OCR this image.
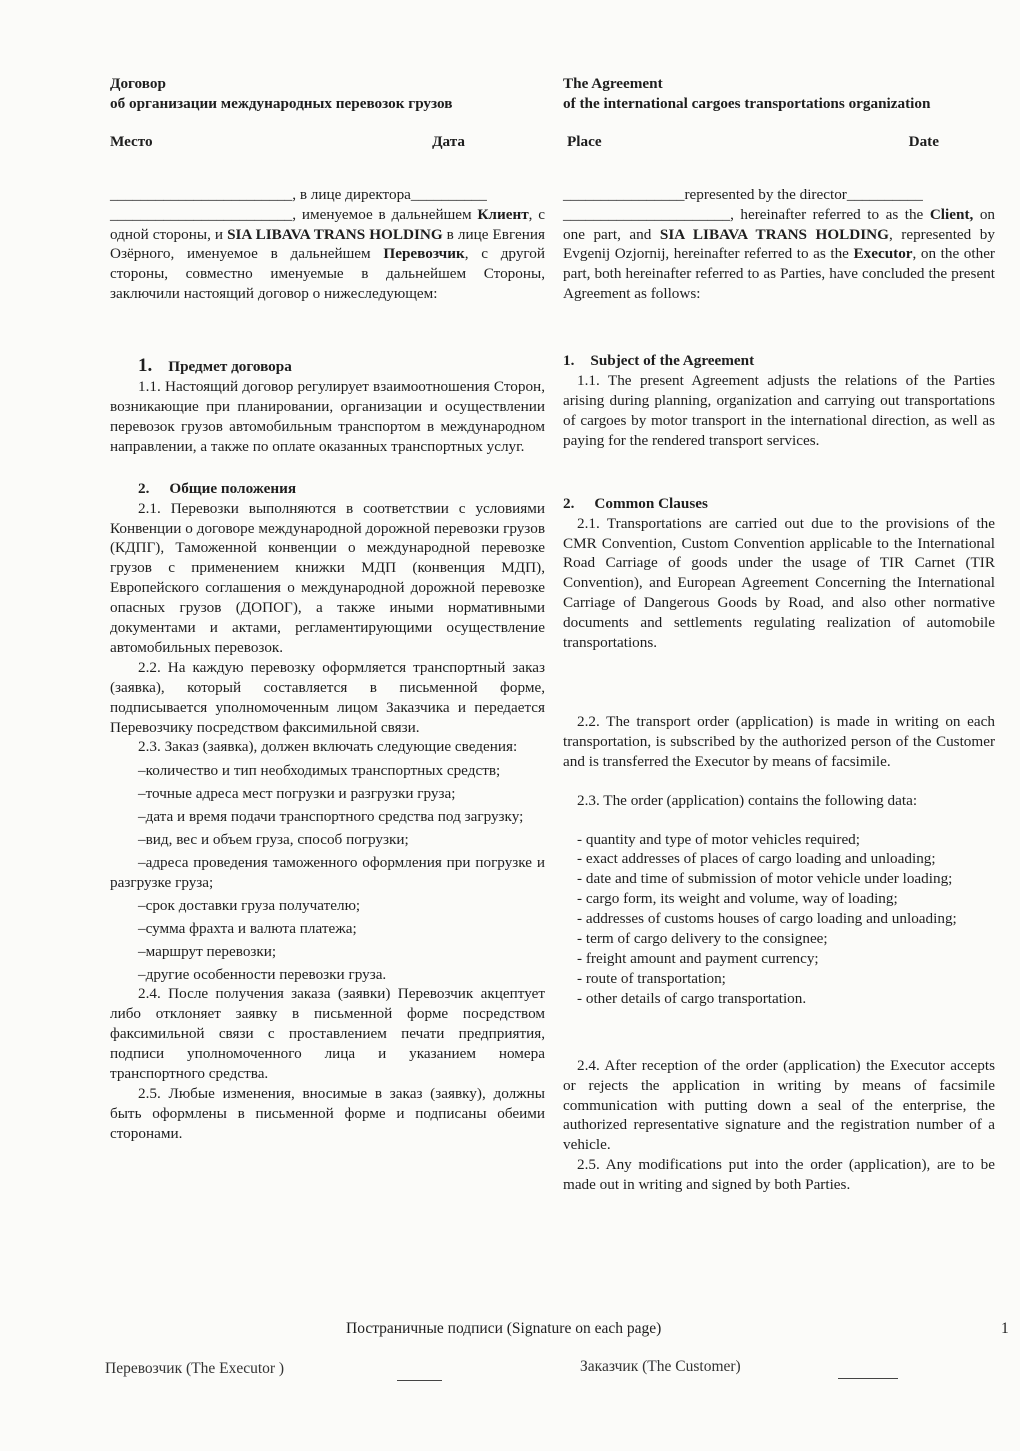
Договор
об организации международных перевозок грузов
Место	Дата

________________________, в лице директора__________
________________________, именуемое в дальнейшем Клиент, с одной стороны, и SIA LIBAVA TRANS HOLDING в лице Евгения Озёрного, именуемое в дальнейшем Перевозчик, с другой стороны, совместно именуемые в дальнейшем Стороны, заключили настоящий договор о нижеследующем:

1. Предмет договора

1.1. Настоящий договор регулирует взаимоотношения Сторон, возникающие при планировании, организации и осуществлении перевозок грузов автомобильным транспортом в международном направлении, а также по оплате оказанных транспортных услуг.

2. Общие положения

2.1. Перевозки выполняются в соответствии с условиями Конвенции о договоре международной дорожной перевозки грузов (КДПГ), Таможенной конвенции о международной перевозке грузов с применением книжки МДП (конвенция МДП), Европейского соглашения о международной дорожной перевозке опасных грузов (ДОПОГ), а также иными нормативными документами и актами, регламентирующими осуществление автомобильных перевозок.

2.2. На каждую перевозку оформляется транспортный заказ (заявка), который составляется в письменной форме, подписывается уполномоченным лицом Заказчика и передается Перевозчику посредством факсимильной связи.

2.3. Заказ (заявка), должен включать следующие сведения:

–количество и тип необходимых транспортных средств;
–точные адреса мест погрузки и разгрузки груза;
–дата и время подачи транспортного средства под загрузку;
–вид, вес и объем груза, способ погрузки;
–адреса проведения таможенного оформления при погрузке и разгрузке груза;
–срок доставки груза получателю;
–сумма фрахта и валюта платежа;
–маршрут перевозки;
–другие особенности перевозки груза.

2.4. После получения заказа (заявки) Перевозчик акцептует либо отклоняет заявку в письменной форме посредством факсимильной связи с проставлением печати предприятия, подписи уполномоченного лица и указанием номера транспортного средства.

2.5. Любые изменения, вносимые в заказ (заявку), должны быть оформлены в письменной форме и подписаны обеими сторонами.

The Agreement
of the international cargoes transportations organization
Place	Date

________________represented by the director__________
______________________, hereinafter referred to as the Client, on one part, and SIA LIBAVA TRANS HOLDING, represented by Evgenij Ozjornij, hereinafter referred to as the Executor, on the other part, both hereinafter referred to as Parties, have concluded the present Agreement as follows:

1. Subject of the Agreement

1.1. The present Agreement adjusts the relations of the Parties arising during planning, organization and carrying out transportations of cargoes by motor transport in the international direction, as well as paying for the rendered transport services.

2. Common Clauses

2.1. Transportations are carried out due to the provisions of the CMR Convention, Custom Convention applicable to the International Road Carriage of goods under the usage of TIR Carnet (TIR Convention), and European Agreement Concerning the International Carriage of Dangerous Goods by Road, and also other normative documents and settlements regulating realization of automobile transportations.

2.2. The transport order (application) is made in writing on each transportation, is subscribed by the authorized person of the Customer and is transferred the Executor by means of facsimile.

2.3. The order (application) contains the following data:

- quantity and type of motor vehicles required;
- exact addresses of places of cargo loading and unloading;
- date and time of submission of motor vehicle under loading;
- cargo form, its weight and volume, way of loading;
- addresses of customs houses of cargo loading and unloading;
- term of cargo delivery to the consignee;
- freight amount and payment currency;
- route of transportation;
- other details of cargo transportation.

2.4. After reception of the order (application) the Executor accepts or rejects the application in writing by means of facsimile communication with putting down a seal of the enterprise, the authorized representative signature and the registration number of a vehicle.

2.5. Any modifications put into the order (application), are to be made out in writing and signed by both Parties.

Постраничные подписи (Signature on each page)	1
Перевозчик (The Executor )	Заказчик (The Customer)
